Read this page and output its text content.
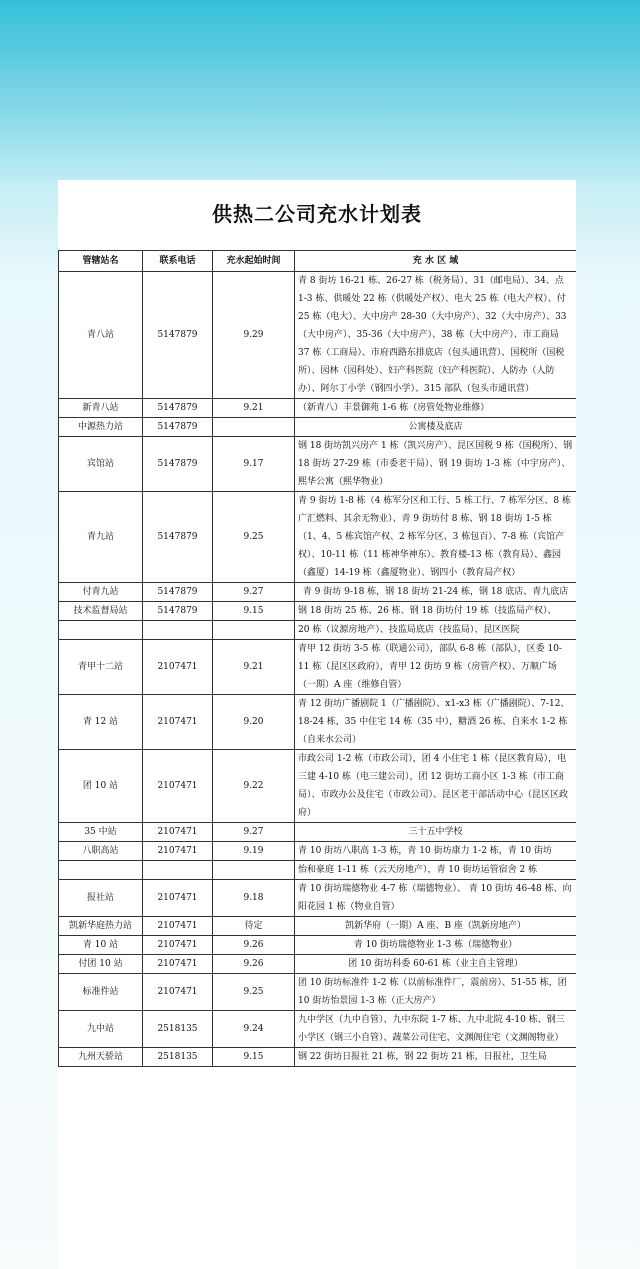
供热二公司充水计划表
管辖站名	联系电话	充水起始时间	充 水 区 域
青八站	5147879	9.29	青 8 街坊 16-21 栋、26-27 栋（税务局）、31（邮电局）、34、点 1-3 栋、供暖处 22 栋（供暖处产权）、电大 25 栋（电大产权）、付 25 栋（电大）、大中房产 28-30（大中房产）、32（大中房产）、33（大中房产）、35-36（大中房产）、38 栋（大中房产）、市工商局 37 栋（工商局）、市府西路东排底店（包头通讯营）、国税所（国税所）、园林（园科处）、妇产科医院（妇产科医院）、人防办（人防办）、阿尔丁小学（钢四小学）、315 部队（包头市通讯营）
新青八站	5147879	9.21	（新青八）丰景御苑 1-6 栋（房管处物业维修）
中源热力站	5147879		公寓楼及底店
宾馆站	5147879	9.17	钢 18 街坊凯兴房产 1 栋（凯兴房产）、昆区国税 9 栋（国税所）、钢 18 街坊 27-29 栋（市委老干局）、钢 19 街坊 1-3 栋（中宇房产）、熙华公寓（熙华物业）
青九站	5147879	9.25	青 9 街坊 1-8 栋（4 栋军分区和工行、5 栋工行、7 栋军分区、8 栋广汇燃料、其余无物业）、青 9 街坊付 8 栋、钢 18 街坊 1-5 栋（1、4、5 栋宾馆产权、2 栋军分区、3 栋包百）、7-8 栋（宾馆产权）、10-11 栋（11 栋神华神东）、教育楼-13 栋（教育局）、鑫园（鑫厦）14-19 栋（鑫厦物业）、钢四小（教育局产权）
付青九站	5147879	9.27	青 9 街坊 9-18 栋，钢 18 街坊 21-24 栋，钢 18 底店、青九底店
技术监督局站	5147879	9.15	钢 18 街坊 25 栋、26 栋、钢 18 街坊付 19 栋（技监局产权）、
			20 栋（议源房地产）、技监局底店（技监局）、昆区医院
青甲十二站	2107471	9.21	青甲 12 街坊 3-5 栋（联通公司），部队 6-8 栋（部队），区委 10-11 栋（昆区区政府），青甲 12 街坊 9 栋（房管产权）、万顺广场（一期）A 座（维修自管）
青 12 站	2107471	9.20	青 12 街坊广播剧院 1（广播剧院）、x1-x3 栋（广播剧院）、7-12、18-24 栋，35 中住宅 14 栋（35 中），糖酒 26 栋、自来水 1-2 栋（自来水公司）
团 10 站	2107471	9.22	市政公司 1-2 栋（市政公司），团 4 小住宅 1 栋（昆区教育局），电三建 4-10 栋（电三建公司），团 12 街坊工商小区 1-3 栋（市工商局）、市政办公及住宅（市政公司）、昆区老干部活动中心（昆区区政府）
35 中站	2107471	9.27	三十五中学校
八职高站	2107471	9.19	青 10 街坊八职高 1-3 栋，青 10 街坊康力 1-2 栋，青 10 街坊
			怡和豪庭 1-11 栋（云天房地产），青 10 街坊运管宿舍 2 栋
报社站	2107471	9.18	青 10 街坊瑞德物业 4-7 栋（瑞德物业）、 青 10 街坊 46-48 栋、向阳花园 1 栋（物业自管）
凯新华庭热力站	2107471	待定	凯新华府（一期）A 座、B 座（凯新房地产）
青 10 站	2107471	9.26	青 10 街坊瑞德物业 1-3 栋（瑞德物业）
付团 10 站	2107471	9.26	团 10 街坊科委 60-61 栋（业主自主管理）
标准件站	2107471	9.25	团 10 街坊标准件 1-2 栋（以前标准件厂，震前房）、51-55 栋，团 10 街坊怡景园 1-3 栋（正大房产）
九中站	2518135	9.24	九中学区（九中自管）、九中东院 1-7 栋、九中北院 4-10 栋、钢三小学区（钢三小自管）、蔬菜公司住宅、文渊阁住宅（文渊阁物业）
九州天骄站	2518135	9.15	钢 22 街坊日报社 21 栋，钢 22 街坊 21 栋，日报社，卫生局
